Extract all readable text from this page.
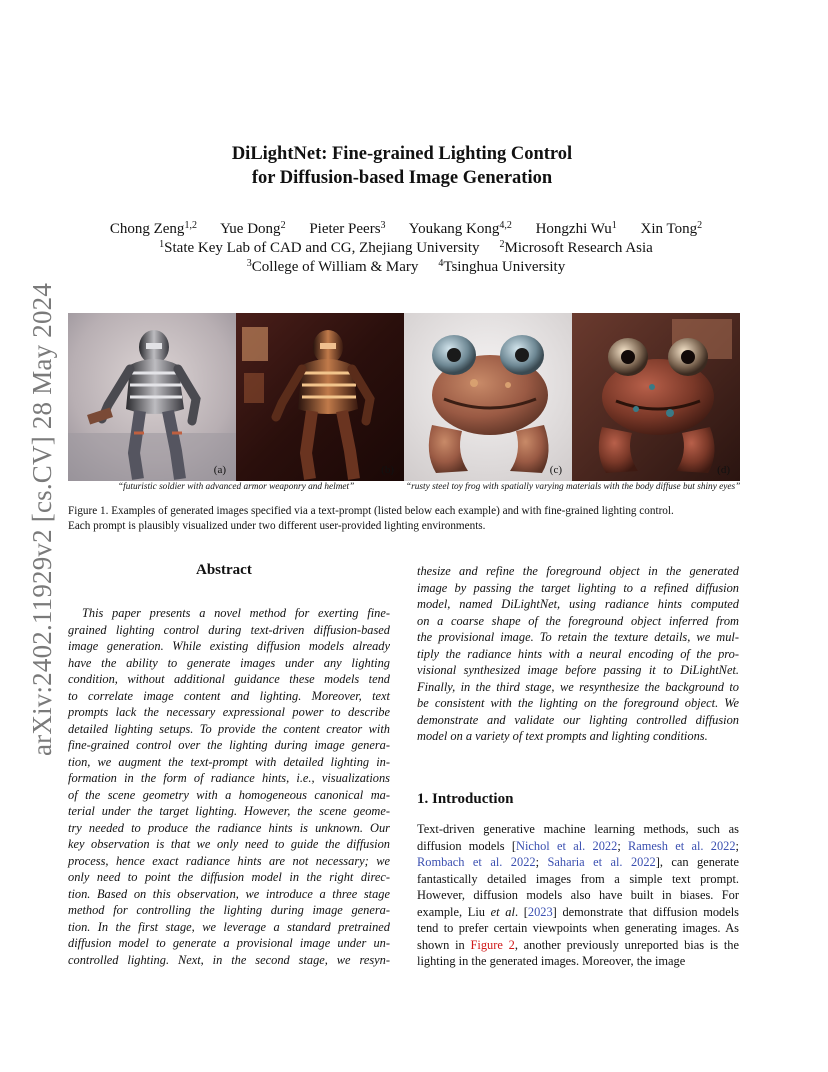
arXiv:2402.11929v2 [cs.CV] 28 May 2024
DiLightNet: Fine-grained Lighting Control
for Diffusion-based Image Generation
Chong Zeng$^{1,2}$ Yue Dong$^2$ Pieter Peers$^3$ Youkang Kong$^{4,2}$ Hongzhi Wu$^1$ Xin Tong$^2$
$^1$State Key Lab of CAD and CG, Zhejiang University $^2$Microsoft Research Asia
$^3$College of William & Mary $^4$Tsinghua University
(a)	(b)	(c)	(d)
“futuristic soldier with advanced armor weaponry and helmet”	“rusty steel toy frog with spatially varying materials with the body diffuse but shiny eyes”
Figure 1. Examples of generated images specified via a text-prompt (listed below each example) and with fine-grained lighting control.
Each prompt is plausibly visualized under two different user-provided lighting environments.
Abstract
This paper presents a novel method for exerting fine-
grained lighting control during text-driven diffusion-based
image generation. While existing diffusion models already
have the ability to generate images under any lighting
condition, without additional guidance these models tend
to correlate image content and lighting. Moreover, text
prompts lack the necessary expressional power to describe
detailed lighting setups. To provide the content creator with
fine-grained control over the lighting during image genera-
tion, we augment the text-prompt with detailed lighting in-
formation in the form of radiance hints, i.e., visualizations
of the scene geometry with a homogeneous canonical ma-
terial under the target lighting. However, the scene geome-
try needed to produce the radiance hints is unknown. Our
key observation is that we only need to guide the diffusion
process, hence exact radiance hints are not necessary; we
only need to point the diffusion model in the right direc-
tion. Based on this observation, we introduce a three stage
method for controlling the lighting during image genera-
tion. In the first stage, we leverage a standard pretrained
diffusion model to generate a provisional image under un-
controlled lighting. Next, in the second stage, we resyn-
thesize and refine the foreground object in the generated
image by passing the target lighting to a refined diffusion
model, named DiLightNet, using radiance hints computed
on a coarse shape of the foreground object inferred from
the provisional image. To retain the texture details, we mul-
tiply the radiance hints with a neural encoding of the pro-
visional synthesized image before passing it to DiLightNet.
Finally, in the third stage, we resynthesize the background to
be consistent with the lighting on the foreground object. We
demonstrate and validate our lighting controlled diffusion
model on a variety of text prompts and lighting conditions.
1. Introduction
Text-driven generative machine learning methods, such as diffusion models [Nichol et al. 2022; Ramesh et al. 2022; Rombach et al. 2022; Saharia et al. 2022], can generate fantastically detailed images from a simple text prompt. However, diffusion models also have built in biases. For example, Liu et al. [2023] demonstrate that diffusion models tend to prefer certain viewpoints when generating images. As shown in Figure 2, another previously unreported bias is the lighting in the generated images. Moreover, the image
